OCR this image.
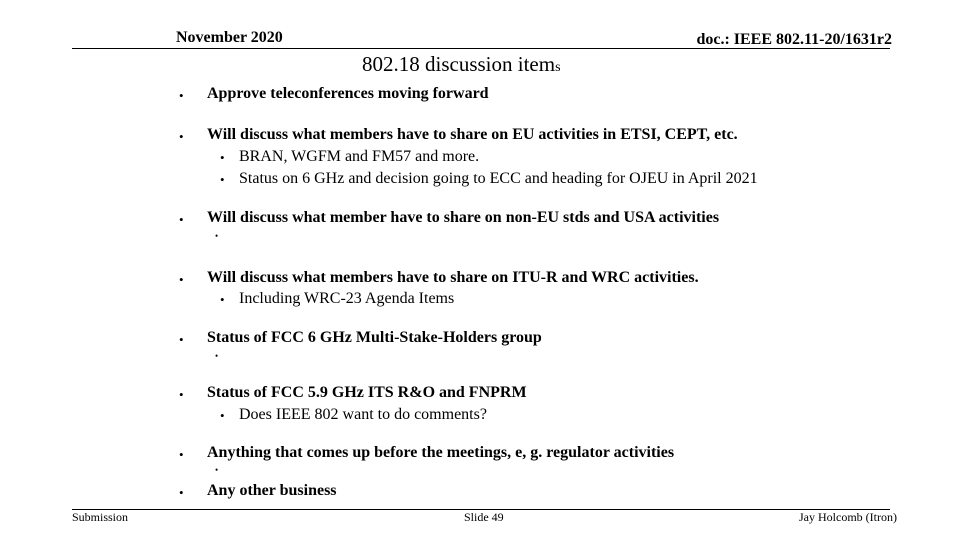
November 2020	doc.: IEEE 802.11-20/1631r2
802.18 discussion items
• Approve teleconferences moving forward
• Will discuss what members have to share on EU activities in ETSI, CEPT, etc.
• BRAN, WGFM and FM57 and more.
• Status on 6 GHz and decision going to ECC and heading for OJEU in April 2021
• Will discuss what member have to share on non-EU stds and USA activities
•
• Will discuss what members have to share on ITU-R and WRC activities.
• Including WRC-23 Agenda Items
• Status of FCC 6 GHz Multi-Stake-Holders group
•
• Status of FCC 5.9 GHz ITS R&O and FNPRM
• Does IEEE 802 want to do comments?
• Anything that comes up before the meetings, e, g. regulator activities
•
• Any other business
Submission	Slide 49	Jay Holcomb (Itron)
